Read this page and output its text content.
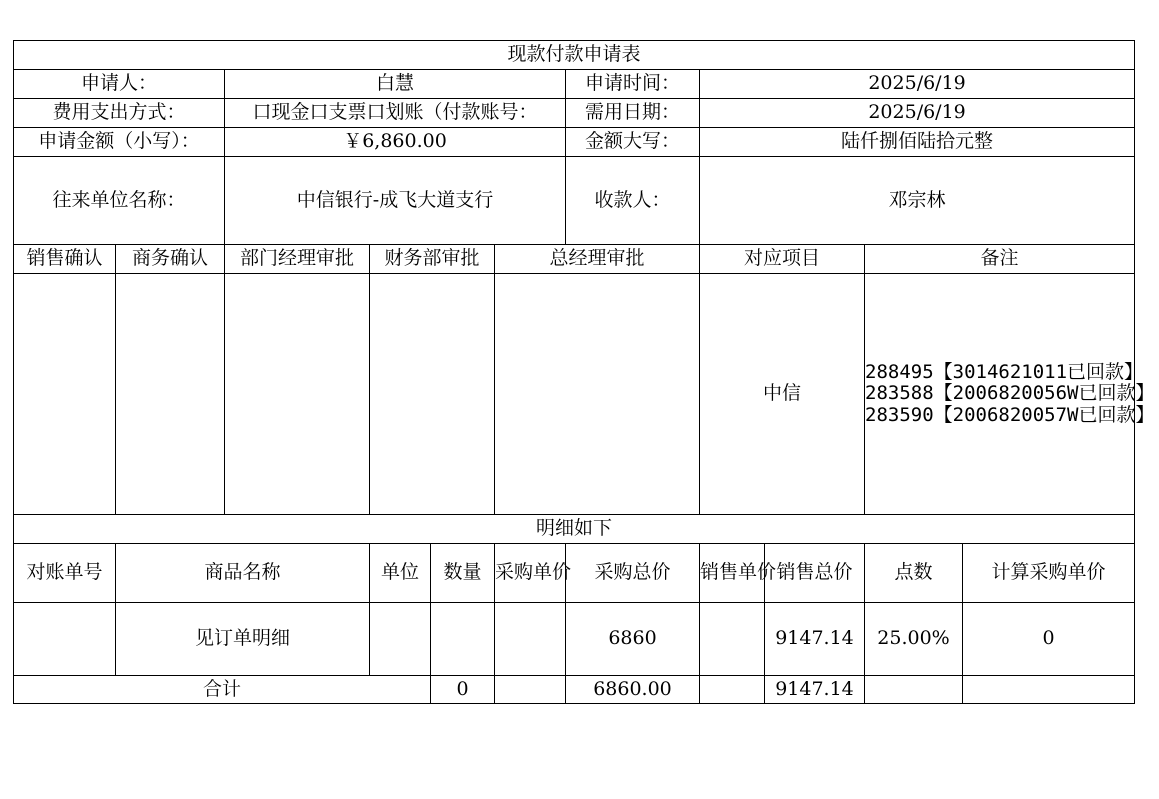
现款付款申请表										
申请人：		白慧				申请时间：	2025/6/19			
费用支出方式：		口现金口支票口划账（付款账号：				需用日期：	2025/6/19			
申请金额（小写）：		￥6,860.00				金额大写：	陆仟捌佰陆拾元整			
往来单位名称：		中信银行-成飞大道支行				收款人：	邓宗林			
销售确认	商务确认	部门经理审批	财务部审批		总经理审批		对应项目		备注	
							中信		288495【3014621011已回款】
283588【2006820056W已回款】
283590【2006820057W已回款】	

明细如下										
对账单号	商品名称		单位	数量	采购单价	采购总价	销售单价	销售总价	点数	计算采购单价
	见订单明细					6860		9147.14	25.00%	0
合计				0		6860.00		9147.14		
